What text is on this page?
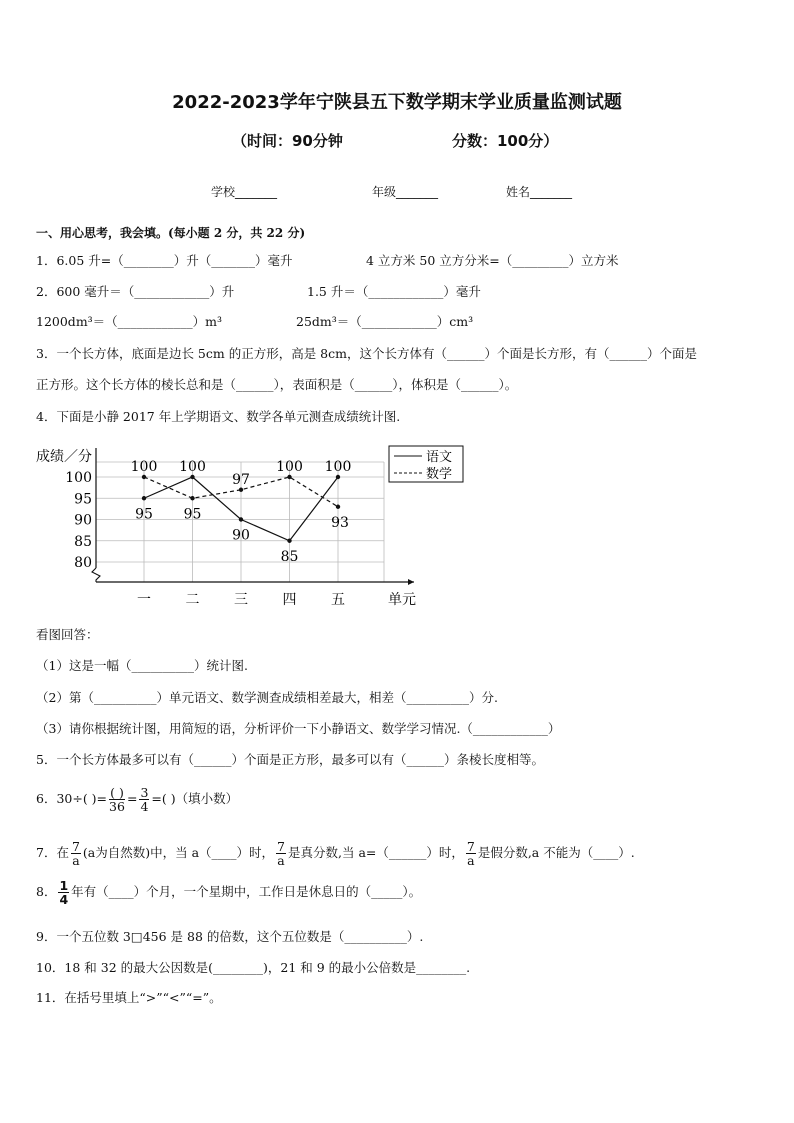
2022-2023学年宁陕县五下数学期末学业质量监测试题
（时间：90分钟	分数：100分）
学校_______	年级_______	姓名_______
一、用心思考，我会填。(每小题 2 分，共 22 分)
1．6.05 升=（________）升（_______）毫升	4 立方米 50 立方分米=（_________）立方米
2．600 毫升＝（____________）升	1.5 升＝（____________）毫升
1200dm³＝（____________）m³	25dm³＝（____________）cm³
3．一个长方体，底面是边长 5cm 的正方形，高是 8cm，这个长方体有（______）个面是长方形，有（______）个面是
正方形。这个长方体的棱长总和是（______），表面积是（______），体积是（______）。
4．下面是小静 2017 年上学期语文、数学各单元测查成绩统计图.
成绩／分
80
85
90
95
100
一 二 三 四 五	单元
95
100
90
85
100
100
95
97
100
93
语文
数学
看图回答：
（1）这是一幅（__________）统计图.
（2）第（__________）单元语文、数学测查成绩相差最大，相差（__________）分.
（3）请你根据统计图，用简短的语，分析评价一下小静语文、数学学习情况.（____________）
5．一个长方体最多可以有（______）个面是正方形，最多可以有（______）条棱长度相等。
6．30÷( )= $\frac{( )}{36} = \frac{3}{4}$ =( )（填小数）
7．在 $\frac{7}{a} (a$为自然数)中，当 a（____）时， $\frac{7}{a}$ 是真分数,当 a=（______）时， $\frac{7}{a}$ 是假分数,a 不能为（____）.
8． $\frac{1}{4}$ 年有（____）个月，一个星期中，工作日是休息日的（_____）。
9．一个五位数 3□456 是 88 的倍数，这个五位数是（__________）.
10．18 和 32 的最大公因数是(________)，21 和 9 的最小公倍数是________.
11．在括号里填上“>”“<”“=”。
